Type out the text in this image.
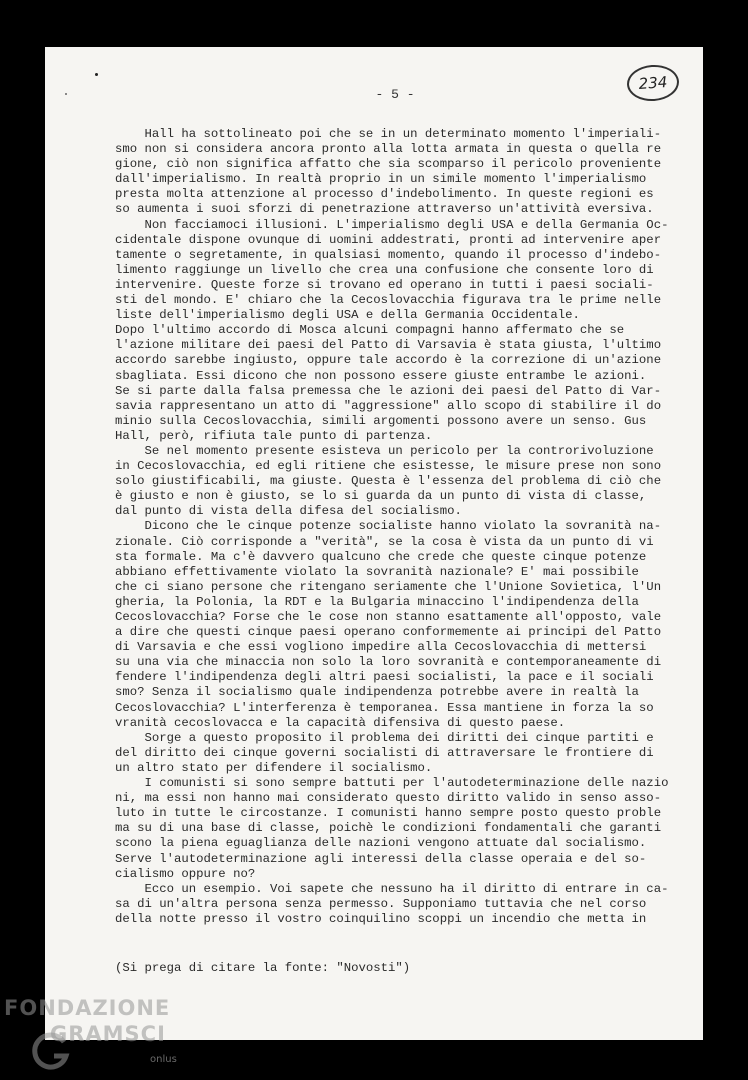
- 5 -
234
Hall ha sottolineato poi che se in un determinato momento l'imperiali-
smo non si considera ancora pronto alla lotta armata in questa o quella re
gione, ciò non significa affatto che sia scomparso il pericolo proveniente
dall'imperialismo. In realtà proprio in un simile momento l'imperialismo
presta molta attenzione al processo d'indebolimento. In queste regioni es
so aumenta i suoi sforzi di penetrazione attraverso un'attività eversiva.
Non facciamoci illusioni. L'imperialismo degli USA e della Germania Oc-
cidentale dispone ovunque di uomini addestrati, pronti ad intervenire aper
tamente o segretamente, in qualsiasi momento, quando il processo d'indebo-
limento raggiunge un livello che crea una confusione che consente loro di
intervenire. Queste forze si trovano ed operano in tutti i paesi sociali-
sti del mondo. E' chiaro che la Cecoslovacchia figurava tra le prime nelle
liste dell'imperialismo degli USA e della Germania Occidentale.
Dopo l'ultimo accordo di Mosca alcuni compagni hanno affermato che se
l'azione militare dei paesi del Patto di Varsavia è stata giusta, l'ultimo
accordo sarebbe ingiusto, oppure tale accordo è la correzione di un'azione
sbagliata. Essi dicono che non possono essere giuste entrambe le azioni.
Se si parte dalla falsa premessa che le azioni dei paesi del Patto di Var-
savia rappresentano un atto di "aggressione" allo scopo di stabilire il do
minio sulla Cecoslovacchia, simili argomenti possono avere un senso. Gus
Hall, però, rifiuta tale punto di partenza.
Se nel momento presente esisteva un pericolo per la controrivoluzione
in Cecoslovacchia, ed egli ritiene che esistesse, le misure prese non sono
solo giustificabili, ma giuste. Questa è l'essenza del problema di ciò che
è giusto e non è giusto, se lo si guarda da un punto di vista di classe,
dal punto di vista della difesa del socialismo.
Dicono che le cinque potenze socialiste hanno violato la sovranità na-
zionale. Ciò corrisponde a "verità", se la cosa è vista da un punto di vi
sta formale. Ma c'è davvero qualcuno che crede che queste cinque potenze
abbiano effettivamente violato la sovranità nazionale? E' mai possibile
che ci siano persone che ritengano seriamente che l'Unione Sovietica, l'Un
gheria, la Polonia, la RDT e la Bulgaria minaccino l'indipendenza della
Cecoslovacchia? Forse che le cose non stanno esattamente all'opposto, vale
a dire che questi cinque paesi operano conformemente ai principi del Patto
di Varsavia e che essi vogliono impedire alla Cecoslovacchia di mettersi
su una via che minaccia non solo la loro sovranità e contemporaneamente di
fendere l'indipendenza degli altri paesi socialisti, la pace e il sociali
smo? Senza il socialismo quale indipendenza potrebbe avere in realtà la
Cecoslovacchia? L'interferenza è temporanea. Essa mantiene in forza la so
vranità cecoslovacca e la capacità difensiva di questo paese.
Sorge a questo proposito il problema dei diritti dei cinque partiti e
del diritto dei cinque governi socialisti di attraversare le frontiere di
un altro stato per difendere il socialismo.
I comunisti si sono sempre battuti per l'autodeterminazione delle nazio
ni, ma essi non hanno mai considerato questo diritto valido in senso asso-
luto in tutte le circostanze. I comunisti hanno sempre posto questo proble
ma su di una base di classe, poichè le condizioni fondamentali che garanti
scono la piena eguaglianza delle nazioni vengono attuate dal socialismo.
Serve l'autodeterminazione agli interessi della classe operaia e del so-
cialismo oppure no?
Ecco un esempio. Voi sapete che nessuno ha il diritto di entrare in ca-
sa di un'altra persona senza permesso. Supponiamo tuttavia che nel corso
della notte presso il vostro coinquilino scoppi un incendio che metta in
(Si prega di citare la fonte: "Novosti")
FONDAZIONE
GRAMSCI
onlus
